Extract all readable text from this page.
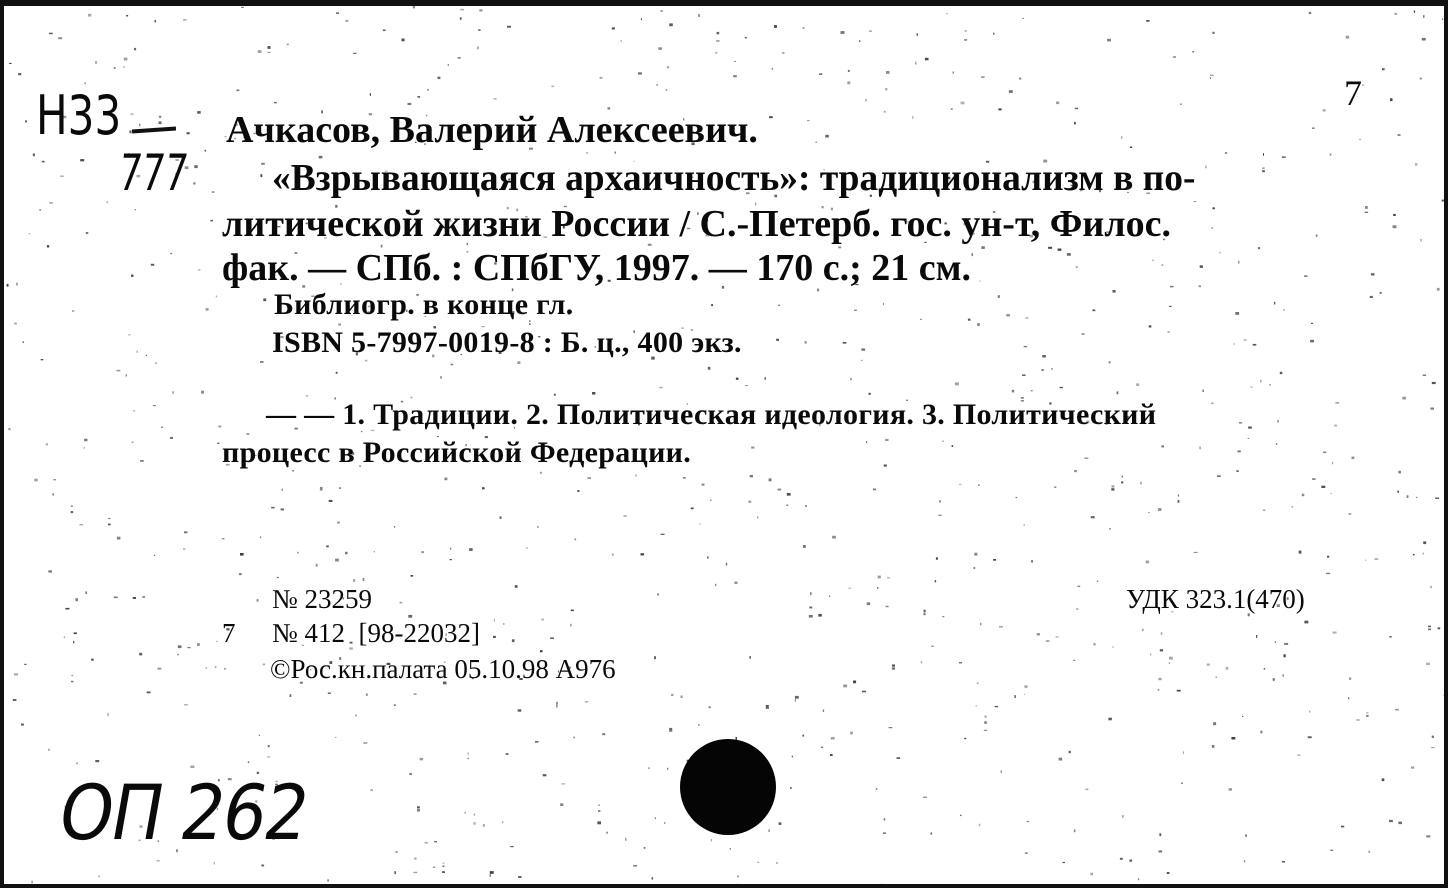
Н33
777
7
Ачкасов, Валерий Алексеевич.
«Взрывающаяся архаичность»: традиционализм в по-
литической жизни России / С.-Петерб. гос. ун-т, Филос.
фак. — СПб. : СПбГУ, 1997. — 170 с.; 21 см.
Библиогр. в конце гл.
ISBN 5-7997-0019-8 : Б. ц., 400 экз.
— — 1. Традиции. 2. Политическая идеология. 3. Политический
процесс в Российской Федерации.
№ 23259
7 № 412  [98-22032]
©Рос.кн.палата 05.10.98 А976
УДК 323.1(470)
ОП 262
